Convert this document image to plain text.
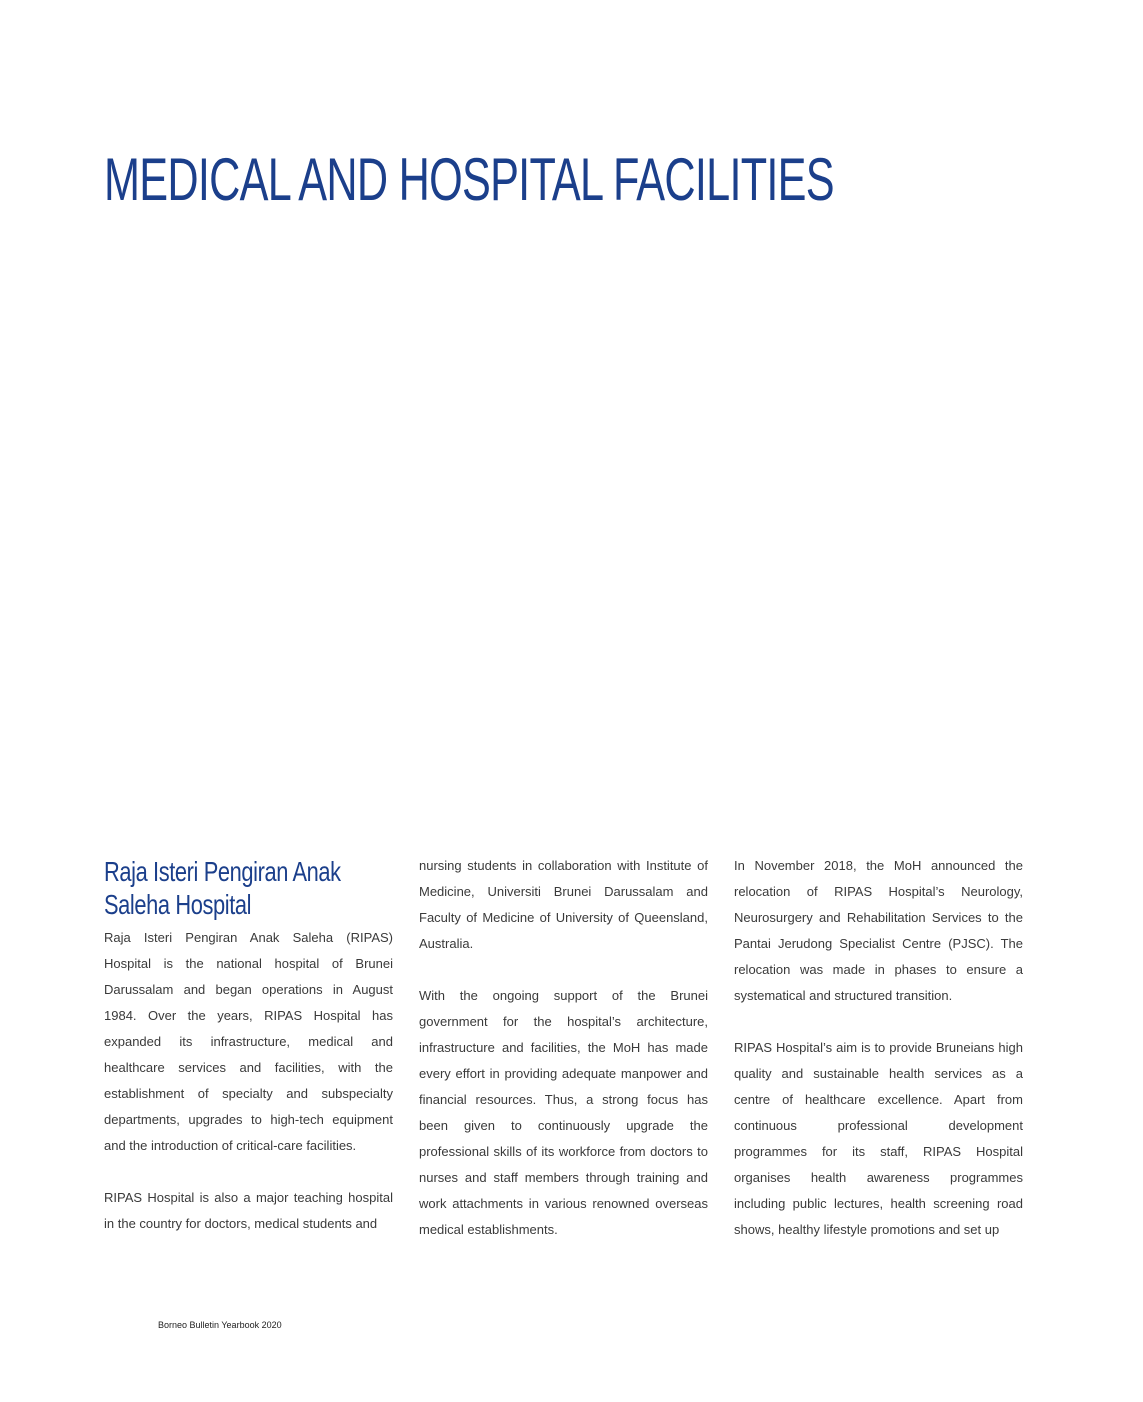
MEDICAL AND HOSPITAL FACILITIES
Raja Isteri Pengiran Anak
Saleha Hospital

Raja Isteri Pengiran Anak Saleha (RIPAS) Hospital is the national hospital of Brunei Darussalam and began operations in August 1984. Over the years, RIPAS Hospital has expanded its infrastructure, medical and healthcare services and facilities, with the establishment of specialty and subspecialty departments, upgrades to high-tech equipment and the introduction of critical-care facilities.

RIPAS Hospital is also a major teaching hospital in the country for doctors, medical students and

nursing students in collaboration with Institute of Medicine, Universiti Brunei Darussalam and Faculty of Medicine of University of Queensland, Australia.

With the ongoing support of the Brunei government for the hospital’s architecture, infrastructure and facilities, the MoH has made every effort in providing adequate manpower and financial resources. Thus, a strong focus has been given to continuously upgrade the professional skills of its workforce from doctors to nurses and staff members through training and work attachments in various renowned overseas medical establishments.

In November 2018, the MoH announced the relocation of RIPAS Hospital’s Neurology, Neurosurgery and Rehabilitation Services to the Pantai Jerudong Specialist Centre (PJSC). The relocation was made in phases to ensure a systematical and structured transition.

RIPAS Hospital’s aim is to provide Bruneians high quality and sustainable health services as a centre of healthcare excellence. Apart from continuous professional development programmes for its staff, RIPAS Hospital organises health awareness programmes including public lectures, health screening road shows, healthy lifestyle promotions and set up

Borneo Bulletin Yearbook 2020
